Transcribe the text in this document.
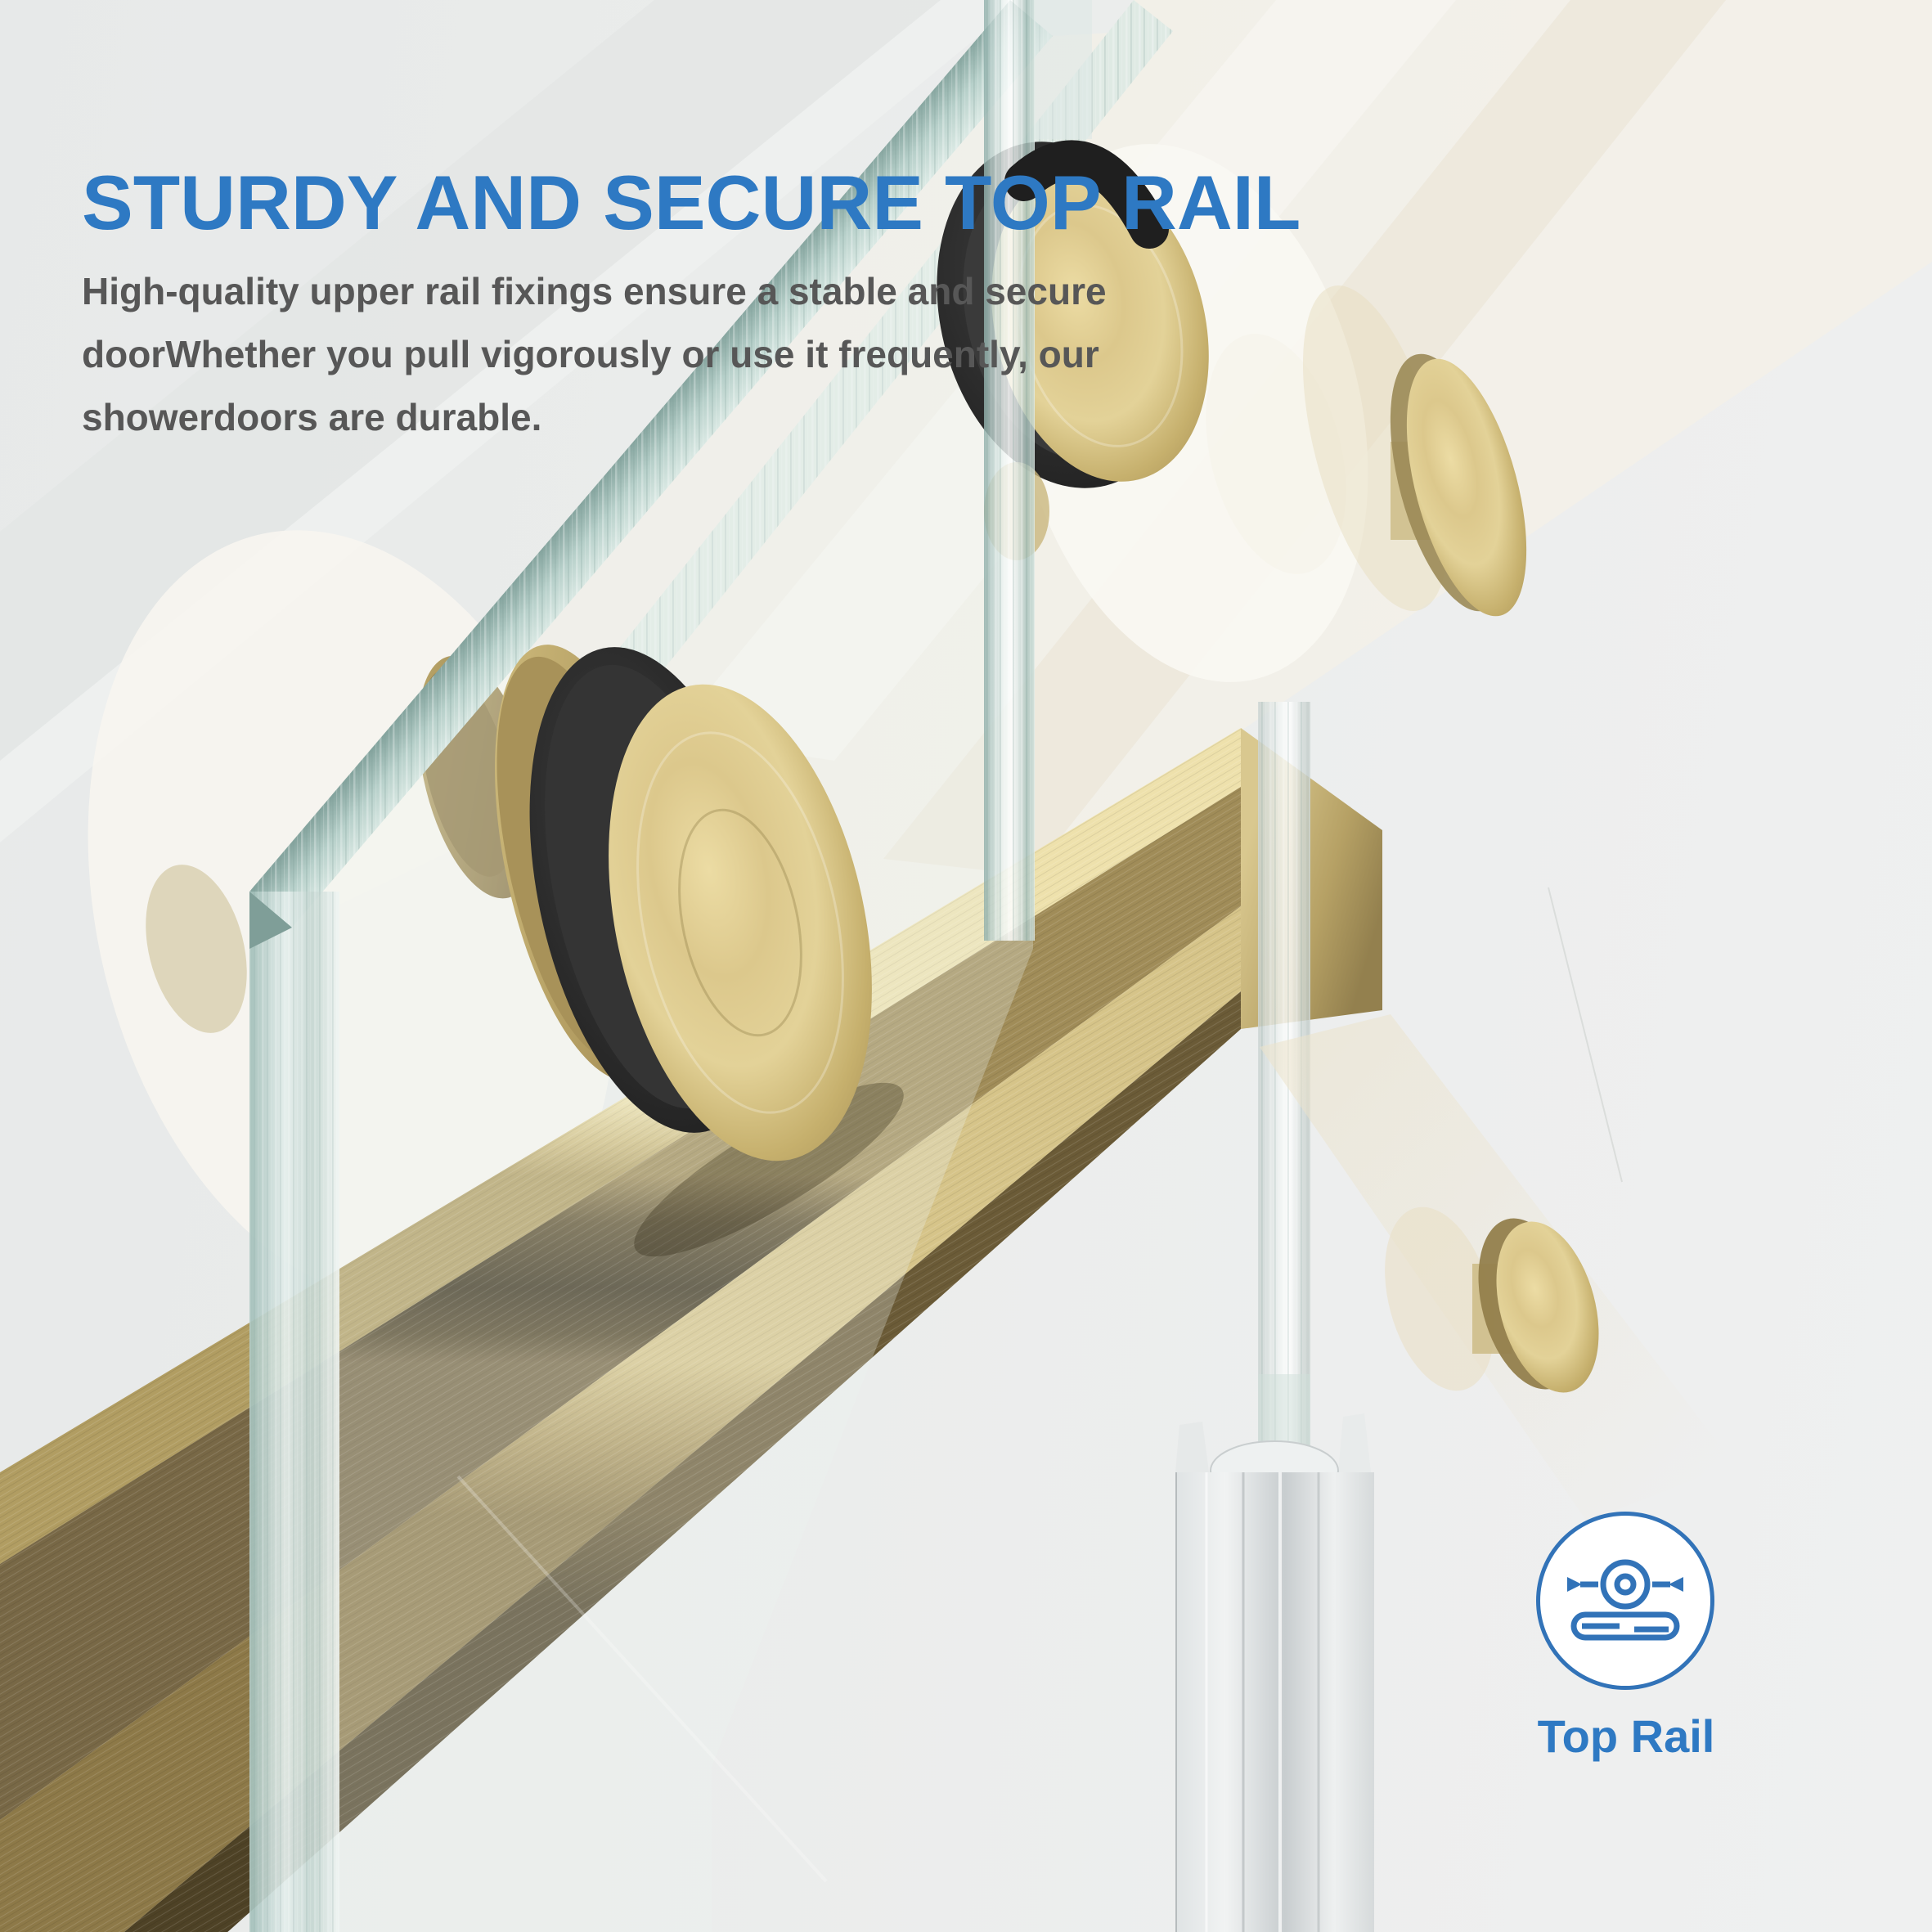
STURDY AND SECURE TOP RAIL
High-quality upper rail fixings ensure a stable and secure
doorWhether you pull vigorously or use it frequently, our
showerdoors are durable.
Top Rail
